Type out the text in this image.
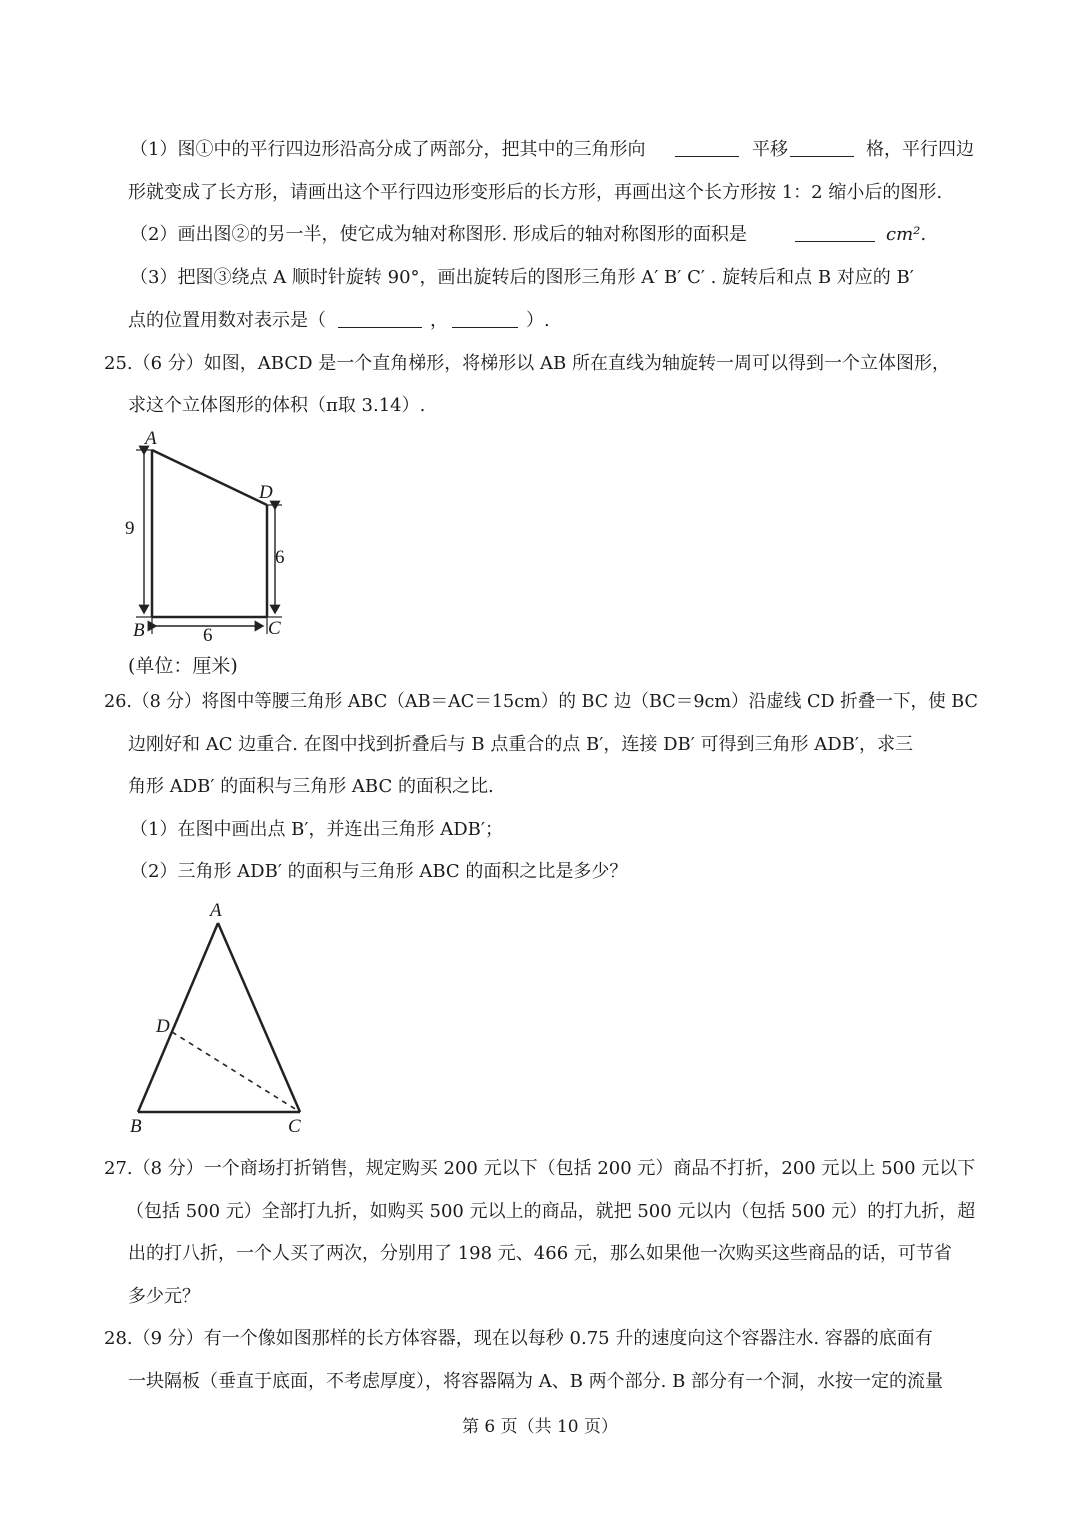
（1）图①中的平行四边形沿高分成了两部分，把其中的三角形向	平移	格，平行四边
形就变成了长方形，请画出这个平行四边形变形后的长方形，再画出这个长方形按 1：2 缩小后的图形.
（2）画出图②的另一半，使它成为轴对称图形. 形成后的轴对称图形的面积是	cm².
（3）把图③绕点 A 顺时针旋转 90°，画出旋转后的图形三角形 A′ B′ C′ . 旋转后和点 B 对应的 B′
点的位置用数对表示是（	，	）.
25.（6 分）如图，ABCD 是一个直角梯形，将梯形以 AB 所在直线为轴旋转一周可以得到一个立体图形，
求这个立体图形的体积（π取 3.14）.
A
D
B	C
9
6
6
(单位：厘米)
26.（8 分）将图中等腰三角形 ABC（AB＝AC＝15cm）的 BC 边（BC＝9cm）沿虚线 CD 折叠一下，使 BC
边刚好和 AC 边重合. 在图中找到折叠后与 B 点重合的点 B′，连接 DB′ 可得到三角形 ADB′，求三
角形 ADB′ 的面积与三角形 ABC 的面积之比.
（1）在图中画出点 B′，并连出三角形 ADB′；
（2）三角形 ADB′ 的面积与三角形 ABC 的面积之比是多少？
A
D
B	C
27.（8 分）一个商场打折销售，规定购买 200 元以下（包括 200 元）商品不打折，200 元以上 500 元以下
（包括 500 元）全部打九折，如购买 500 元以上的商品，就把 500 元以内（包括 500 元）的打九折，超
出的打八折，一个人买了两次，分别用了 198 元、466 元，那么如果他一次购买这些商品的话，可节省
多少元？
28.（9 分）有一个像如图那样的长方体容器，现在以每秒 0.75 升的速度向这个容器注水. 容器的底面有
一块隔板（垂直于底面，不考虑厚度），将容器隔为 A、B 两个部分. B 部分有一个洞，水按一定的流量
第 6 页（共 10 页）
